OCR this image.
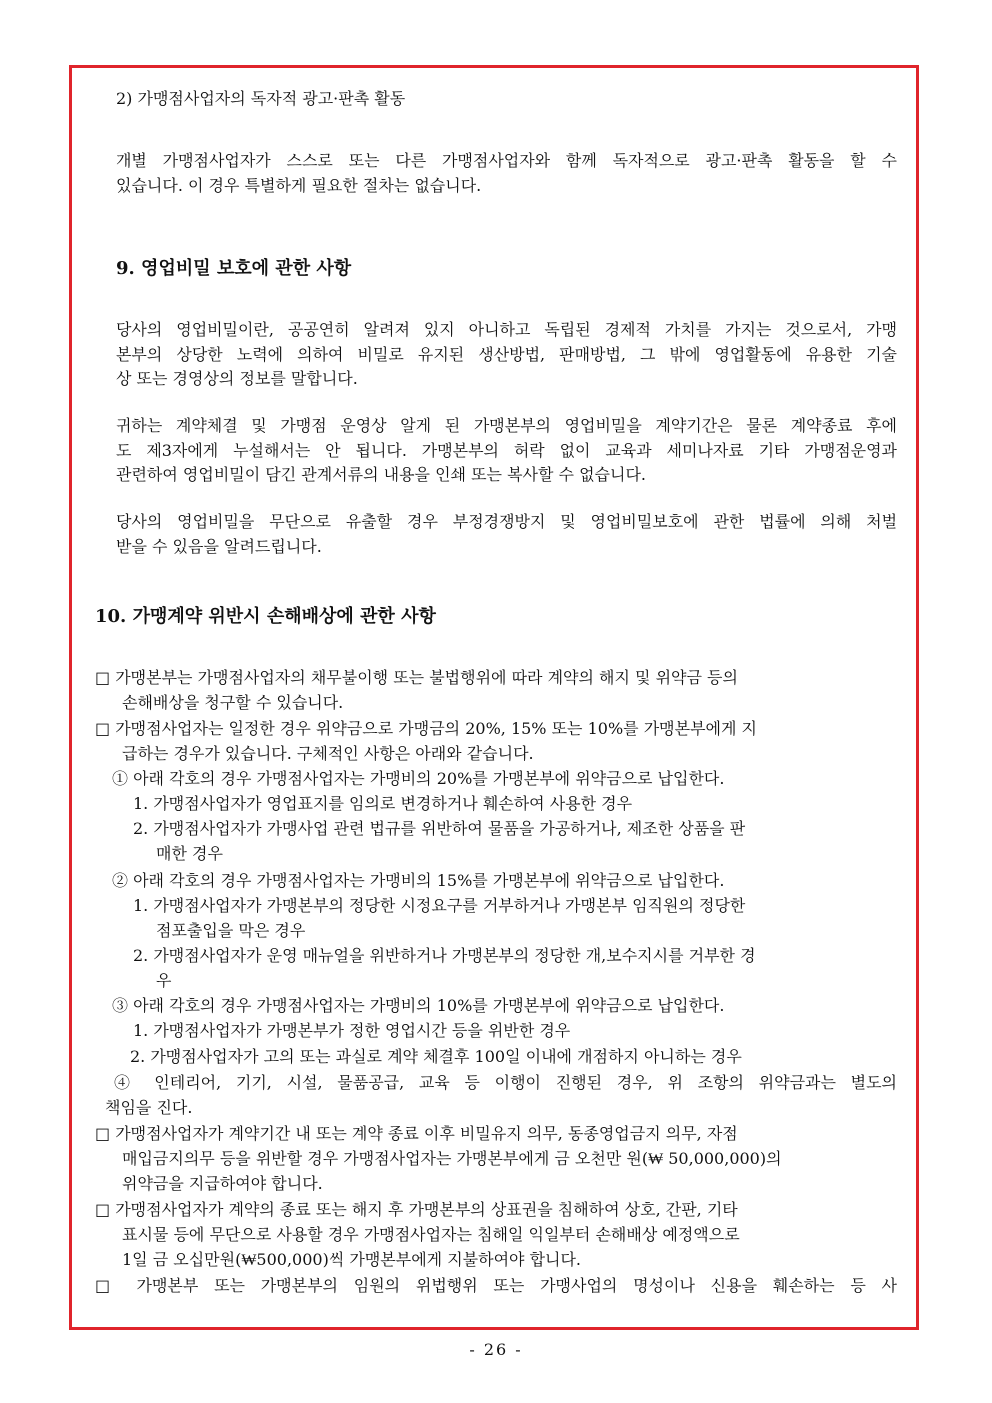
2) 가맹점사업자의 독자적 광고·판촉 활동
개별 가맹점사업자가 스스로 또는 다른 가맹점사업자와 함께 독자적으로 광고·판촉 활동을 할 수
있습니다. 이 경우 특별하게 필요한 절차는 없습니다.
9. 영업비밀 보호에 관한 사항
당사의 영업비밀이란, 공공연히 알려져 있지 아니하고 독립된 경제적 가치를 가지는 것으로서, 가맹
본부의 상당한 노력에 의하여 비밀로 유지된 생산방법, 판매방법, 그 밖에 영업활동에 유용한 기술
상 또는 경영상의 정보를 말합니다.
귀하는 계약체결 및 가맹점 운영상 알게 된 가맹본부의 영업비밀을 계약기간은 물론 계약종료 후에
도 제3자에게 누설해서는 안 됩니다. 가맹본부의 허락 없이 교육과 세미나자료 기타 가맹점운영과
관련하여 영업비밀이 담긴 관계서류의 내용을 인쇄 또는 복사할 수 없습니다.
당사의 영업비밀을 무단으로 유출할 경우 부정경쟁방지 및 영업비밀보호에 관한 법률에 의해 처벌
받을 수 있음을 알려드립니다.
10. 가맹계약 위반시 손해배상에 관한 사항
□ 가맹본부는 가맹점사업자의 채무불이행 또는 불법행위에 따라 계약의 해지 및 위약금 등의
손해배상을 청구할 수 있습니다.
□ 가맹점사업자는 일정한 경우 위약금으로 가맹금의 20%, 15% 또는 10%를 가맹본부에게 지
급하는 경우가 있습니다. 구체적인 사항은 아래와 같습니다.
① 아래 각호의 경우 가맹점사업자는 가맹비의 20%를 가맹본부에 위약금으로 납입한다.
1. 가맹점사업자가 영업표지를 임의로 변경하거나 훼손하여 사용한 경우
2. 가맹점사업자가 가맹사업 관련 법규를 위반하여 물품을 가공하거나, 제조한 상품을 판
매한 경우
② 아래 각호의 경우 가맹점사업자는 가맹비의 15%를 가맹본부에 위약금으로 납입한다.
1. 가맹점사업자가 가맹본부의 정당한 시정요구를 거부하거나 가맹본부 임직원의 정당한
점포출입을 막은 경우
2. 가맹점사업자가 운영 매뉴얼을 위반하거나 가맹본부의 정당한 개,보수지시를 거부한 경
우
③ 아래 각호의 경우 가맹점사업자는 가맹비의 10%를 가맹본부에 위약금으로 납입한다.
1. 가맹점사업자가 가맹본부가 정한 영업시간 등을 위반한 경우
2. 가맹점사업자가 고의 또는 과실로 계약 체결후 100일 이내에 개점하지 아니하는 경우
④ 인테리어, 기기, 시설, 물품공급, 교육 등 이행이 진행된 경우, 위 조항의 위약금과는 별도의
책임을 진다.
□ 가맹점사업자가 계약기간 내 또는 계약 종료 이후 비밀유지 의무, 동종영업금지 의무, 자점
매입금지의무 등을 위반할 경우 가맹점사업자는 가맹본부에게 금 오천만 원(₩ 50,000,000)의
위약금을 지급하여야 합니다.
□ 가맹점사업자가 계약의 종료 또는 해지 후 가맹본부의 상표권을 침해하여 상호, 간판, 기타
표시물 등에 무단으로 사용할 경우 가맹점사업자는 침해일 익일부터 손해배상 예정액으로
1일 금 오십만원(₩500,000)씩 가맹본부에게 지불하여야 합니다.
□ 가맹본부 또는 가맹본부의 임원의 위법행위 또는 가맹사업의 명성이나 신용을 훼손하는 등 사
- 26 -
